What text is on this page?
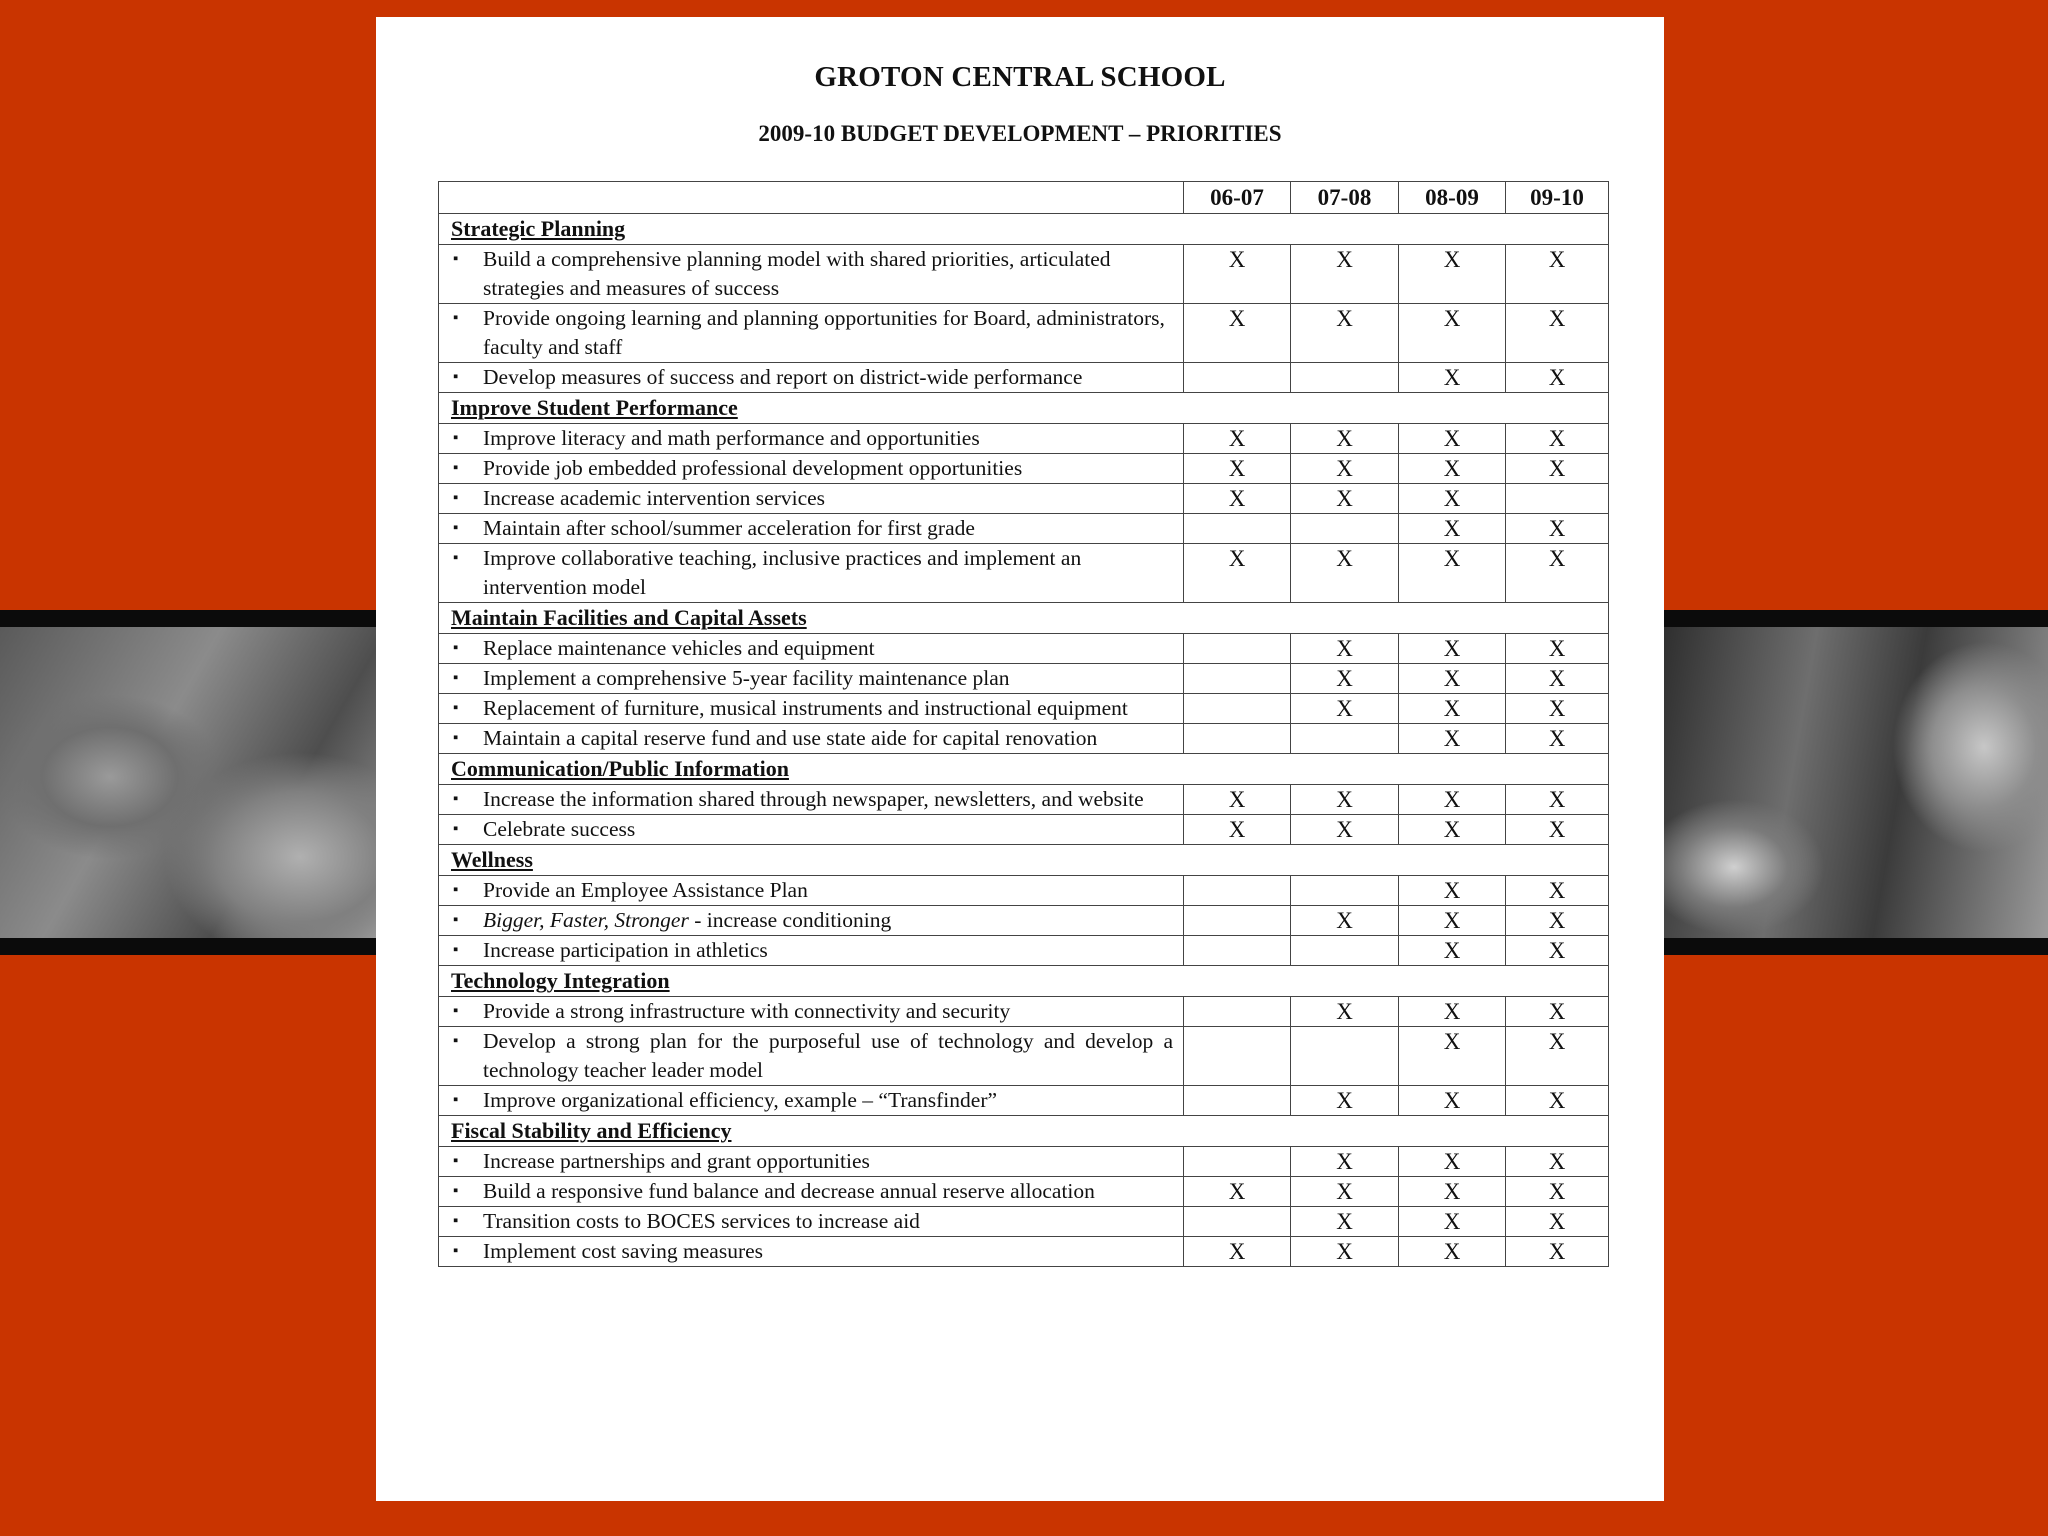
GROTON CENTRAL SCHOOL
2009-10 BUDGET DEVELOPMENT – PRIORITIES
	06-07	07-08	08-09	09-10
Strategic Planning				

▪ Build a comprehensive planning model with shared priorities, articulated strategies and measures of success	X	X	X	X

▪ Provide ongoing learning and planning opportunities for Board, administrators, faculty and staff	X	X	X	X

▪ Develop measures of success and report on district-wide performance			X	X
Improve Student Performance				

▪ Improve literacy and math performance and opportunities	X	X	X	X

▪ Provide job embedded professional development opportunities	X	X	X	X

▪ Increase academic intervention services	X	X	X	

▪ Maintain after school/summer acceleration for first grade			X	X

▪ Improve collaborative teaching, inclusive practices and implement an intervention model	X	X	X	X
Maintain Facilities and Capital Assets				

▪ Replace maintenance vehicles and equipment		X	X	X

▪ Implement a comprehensive 5-year facility maintenance plan		X	X	X

▪ Replacement of furniture, musical instruments and instructional equipment		X	X	X

▪ Maintain a capital reserve fund and use state aide for capital renovation			X	X
Communication/Public Information				

▪ Increase the information shared through newspaper, newsletters, and website	X	X	X	X

▪ Celebrate success	X	X	X	X
Wellness				

▪ Provide an Employee Assistance Plan			X	X

▪ Bigger, Faster, Stronger - increase conditioning		X	X	X

▪ Increase participation in athletics			X	X
Technology Integration				

▪ Provide a strong infrastructure with connectivity and security		X	X	X

▪ Develop a strong plan for the purposeful use of technology and develop a technology teacher leader model			X	X

▪ Improve organizational efficiency, example – “Transfinder”		X	X	X
Fiscal Stability and Efficiency				

▪ Increase partnerships and grant opportunities		X	X	X

▪ Build a responsive fund balance and decrease annual reserve allocation	X	X	X	X

▪ Transition costs to BOCES services to increase aid		X	X	X

▪ Implement cost saving measures	X	X	X	X
